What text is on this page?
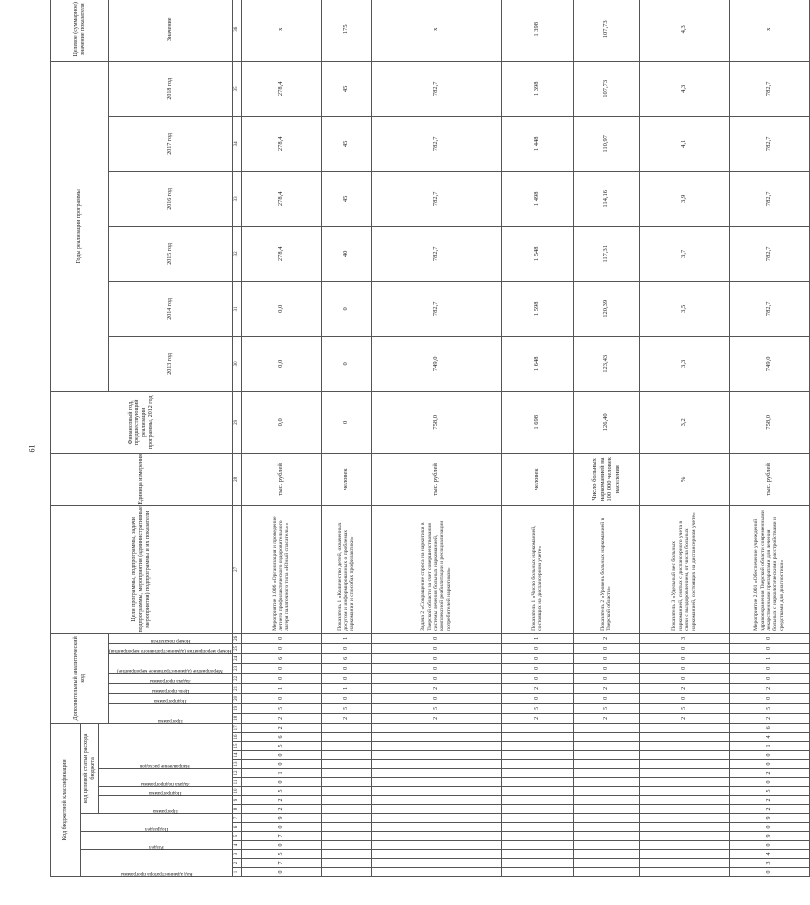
61
Код бюджетной классификации																	Дополнительный аналитический код									Цели программы, подпрограммы, задачи подпрограммы, мероприятия (административные мероприятия) подпрограммы и их показатели	Единица измерения	Финансовый год, предшествующий реализации программы, 2012 год	Годы реализации программы						Целевое (суммарное) значение показателя	

Код администратора программы			Раздел		Подраздел		код целевой статьи расхода бюджета																													

							Программа		Подпрограмма	Задача подпрограммы		Направление расходов																								

																	Программа		Подпрограмма	Цель программы	Задача программы	Мероприятие (административное мероприятие)		Номер мероприятия (административного мероприятия)	Номер показателя				2013 год	2014 год	2015 год	2016 год	2017 год	2018 год	Значение	
1	2	3	4	5	6	7	8	9	10	11	12	13	14	15	16	17	18	19	20	21	22	23	24	25	26	27	28	29	30	31	32	33	34	35	36	
0	7	5	0	7	0	9	2	2	5	0	1	0	0	5	6	2	2	5	0	1	0	0	6	0	0	Мероприятие 1.006 «Организация и проведение летнего профилактического оздоровительного лагеря палаточного типа «Юный спасатель»»	тыс. рублей	0,0	0,0	0,0	278,4	278,4	278,4	278,4	х	
																	2	5	0	1	0	0	6	0	1	Показатель 1 «Количество детей, охваченных досугом и информированных о проблемах наркомании и способах профилактики»	человек	0	0	0	40	45	45	45	175	
																	2	5	0	2	0	0	0	0	0	Задача 2 «Сокращение спроса на наркотики в Тверской области за счет совершенствования системы лечения больных наркоманией, комплексной реабилитации и ресоциализации потребителей наркотиков»	тыс. рублей	758,0	749,0	782,7	782,7	782,7	782,7	782,7	х	
																	2	5	0	2	0	0	0	0	1	Показатель 1 «Число больных наркоманией, состоящих на диспансерном учете»	человек	1 698	1 648	1 598	1 548	1 498	1 448	1 398	1 398	
																	2	5	0	2	0	0	0	0	2	Показатель 2 «Уровень больных наркоманией в Тверской области»	Число больных наркоманией на 100 000 человек населения	126,40	123,43	120,39	117,31	114,16	110,97	107,73	107,73	
																	2	5	0	2	0	0	0	0	3	Показатель 3 «Удельный вес больных наркоманией, снятых с диспансерного учета в связи с выздоровлением, от числа больных наркоманией, состоящих на диспансерном учете»	%	3,2	3,3	3,5	3,7	3,9	4,1	4,3	4,3	
0	3	4	0	9	0	9	2	2	5	0	2	0	0	1	4	6	2	5	0	2	0	0	1	0	0	Мероприятие 2.001 «Обеспечение учреждений здравоохранения Тверской области современными лекарственными препаратами для лечения больных с наркологическими расстройствами и средствами для диагностики»	тыс. рублей	758,0	749,0	782,7	782,7	782,7	782,7	782,7	х	
